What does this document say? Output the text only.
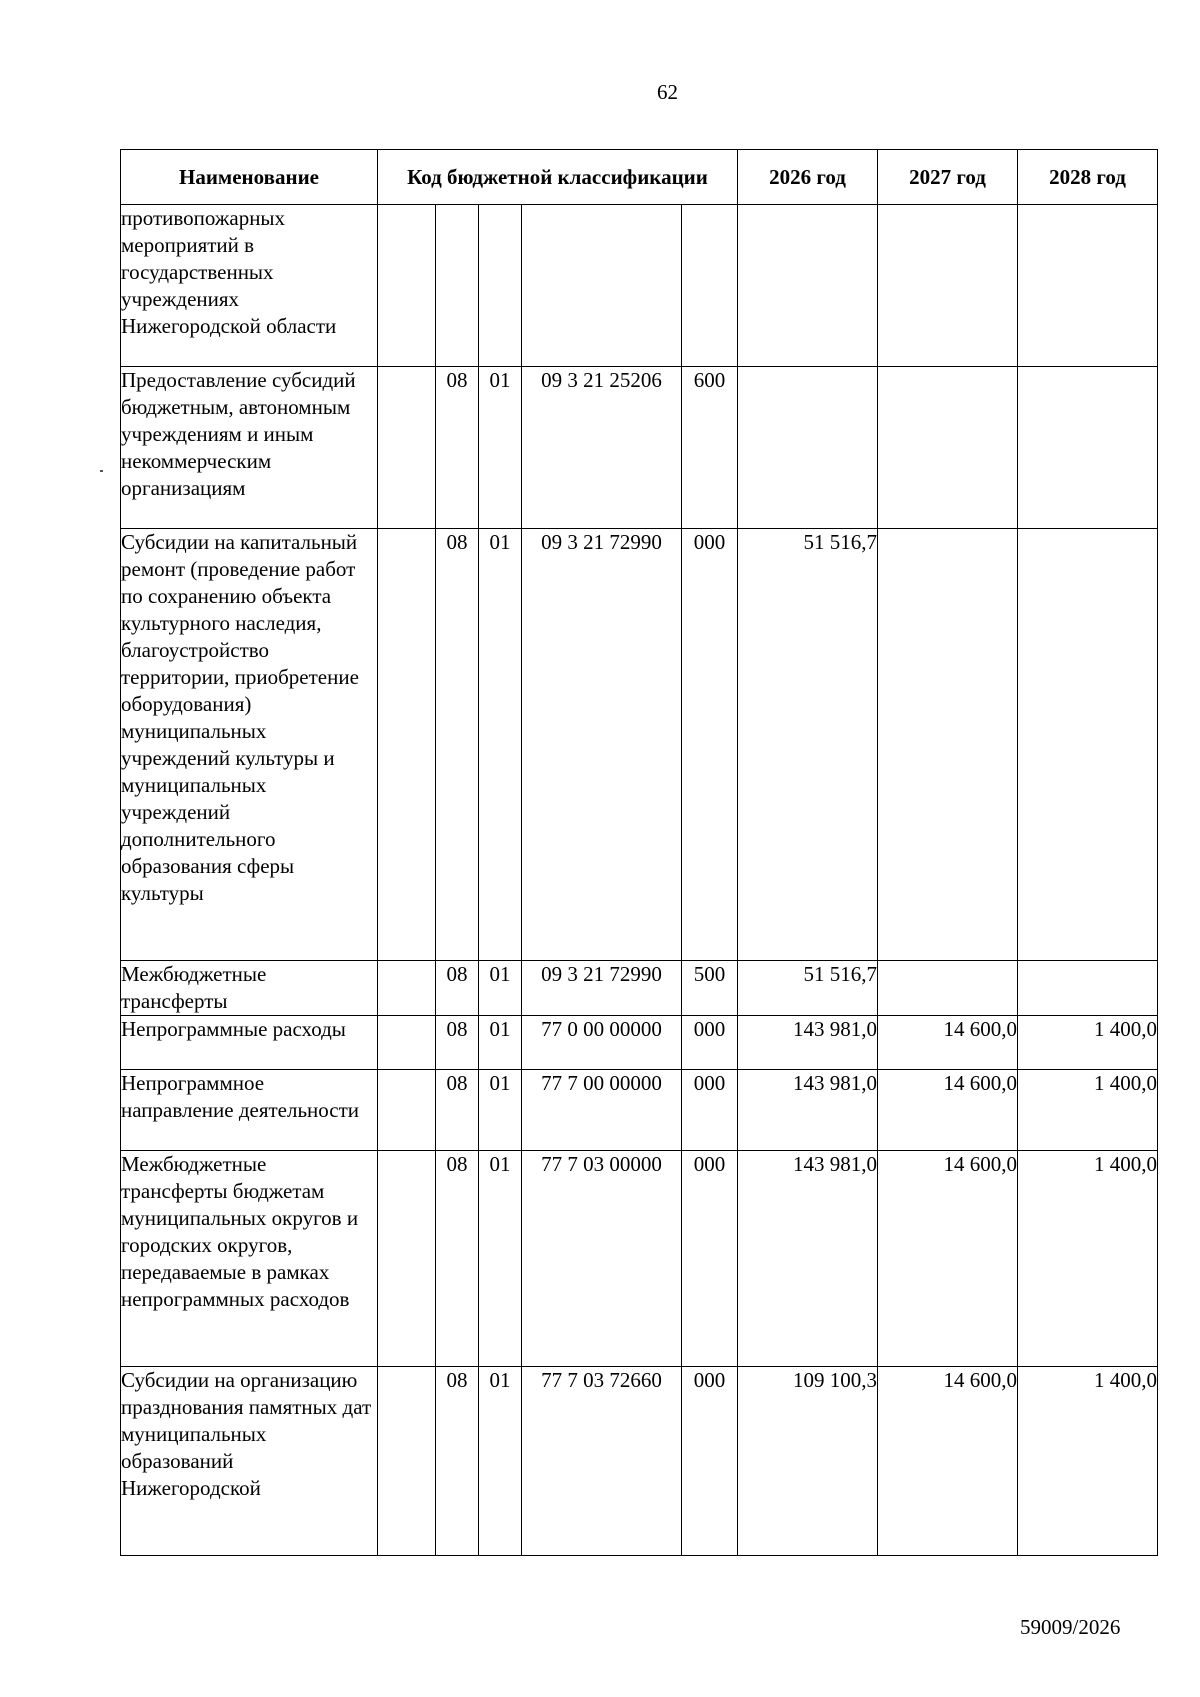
62
Наименование	Код бюджетной классификации					2026 год	2027 год	2028 год
противопожарных мероприятий в государственных учреждениях Нижегородской области								
Предоставление субсидий бюджетным, автономным учреждениям и иным некоммерческим организациям		08	01	09 3 21 25206	600			
Субсидии на капитальный ремонт (проведение работ по сохранению объекта культурного наследия, благоустройство территории, приобретение оборудования) муниципальных учреждений культуры и муниципальных учреждений дополнительного образования сферы культуры		08	01	09 3 21 72990	000	51 516,7		
Межбюджетные трансферты		08	01	09 3 21 72990	500	51 516,7		
Непрограммные расходы		08	01	77 0 00 00000	000	143 981,0	14 600,0	1 400,0
Непрограммное направление деятельности		08	01	77 7 00 00000	000	143 981,0	14 600,0	1 400,0
Межбюджетные трансферты бюджетам муниципальных округов и городских округов, передаваемые в рамках непрограммных расходов		08	01	77 7 03 00000	000	143 981,0	14 600,0	1 400,0
Субсидии на организацию празднования памятных дат муниципальных образований Нижегородской		08	01	77 7 03 72660	000	109 100,3	14 600,0	1 400,0
59009/2026
